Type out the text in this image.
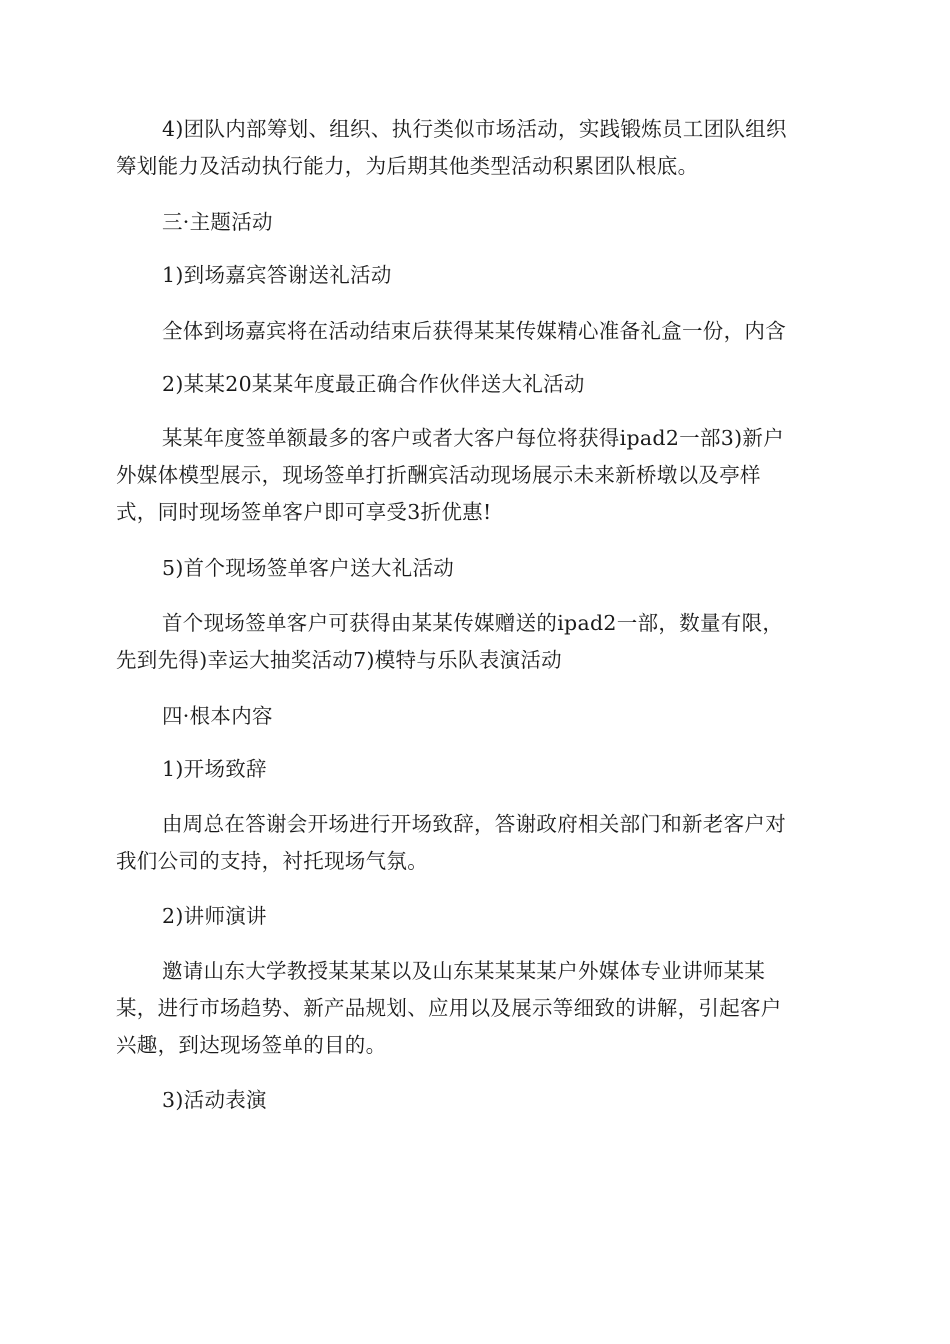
4)团队内部筹划、组织、执行类似市场活动，实践锻炼员工团队组织
筹划能力及活动执行能力，为后期其他类型活动积累团队根底。

三·主题活动

1)到场嘉宾答谢送礼活动

全体到场嘉宾将在活动结束后获得某某传媒精心准备礼盒一份，内含

2)某某20某某年度最正确合作伙伴送大礼活动

某某年度签单额最多的客户或者大客户每位将获得ipad2一部3)新户
外媒体模型展示，现场签单打折酬宾活动现场展示未来新桥墩以及亭样
式，同时现场签单客户即可享受3折优惠!

5)首个现场签单客户送大礼活动

首个现场签单客户可获得由某某传媒赠送的ipad2一部，数量有限，
先到先得)幸运大抽奖活动7)模特与乐队表演活动

四·根本内容

1)开场致辞

由周总在答谢会开场进行开场致辞，答谢政府相关部门和新老客户对
我们公司的支持，衬托现场气氛。

2)讲师演讲

邀请山东大学教授某某某以及山东某某某某户外媒体专业讲师某某
某，进行市场趋势、新产品规划、应用以及展示等细致的讲解，引起客户
兴趣，到达现场签单的目的。

3)活动表演
